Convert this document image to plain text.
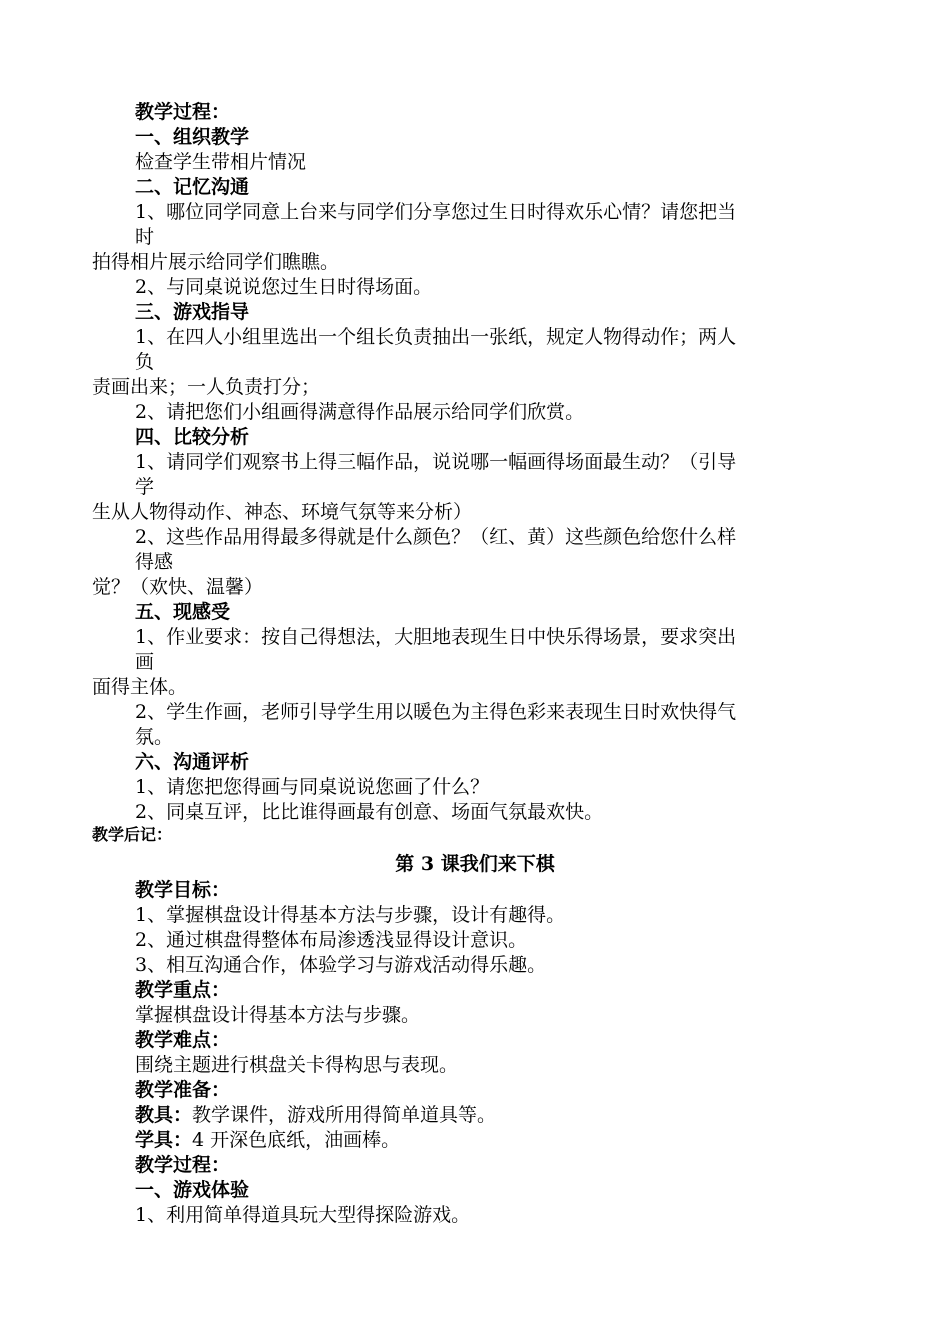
教学过程：
一、组织教学
检查学生带相片情况
二、记忆沟通
1、哪位同学同意上台来与同学们分享您过生日时得欢乐心情？请您把当
时
拍得相片展示给同学们瞧瞧。
2、与同桌说说您过生日时得场面。
三、游戏指导
1、在四人小组里选出一个组长负责抽出一张纸，规定人物得动作；两人
负
责画出来；一人负责打分；
2、请把您们小组画得满意得作品展示给同学们欣赏。
四、比较分析
1、请同学们观察书上得三幅作品，说说哪一幅画得场面最生动？（引导
学
生从人物得动作、神态、环境气氛等来分析）
2、这些作品用得最多得就是什么颜色？（红、黄）这些颜色给您什么样
得感
觉？（欢快、温馨）
五、现感受
1、作业要求：按自己得想法，大胆地表现生日中快乐得场景，要求突出
画
面得主体。
2、学生作画，老师引导学生用以暖色为主得色彩来表现生日时欢快得气
氛。
六、沟通评析
1、请您把您得画与同桌说说您画了什么？
2、同桌互评，比比谁得画最有创意、场面气氛最欢快。
教学后记：
第 3 课我们来下棋
教学目标：
1、掌握棋盘设计得基本方法与步骤，设计有趣得。
2、通过棋盘得整体布局渗透浅显得设计意识。
3、相互沟通合作，体验学习与游戏活动得乐趣。
教学重点：
掌握棋盘设计得基本方法与步骤。
教学难点：
围绕主题进行棋盘关卡得构思与表现。
教学准备：
教具：教学课件，游戏所用得简单道具等。
学具：4 开深色底纸，油画棒。
教学过程：
一、游戏体验
1、利用简单得道具玩大型得探险游戏。
